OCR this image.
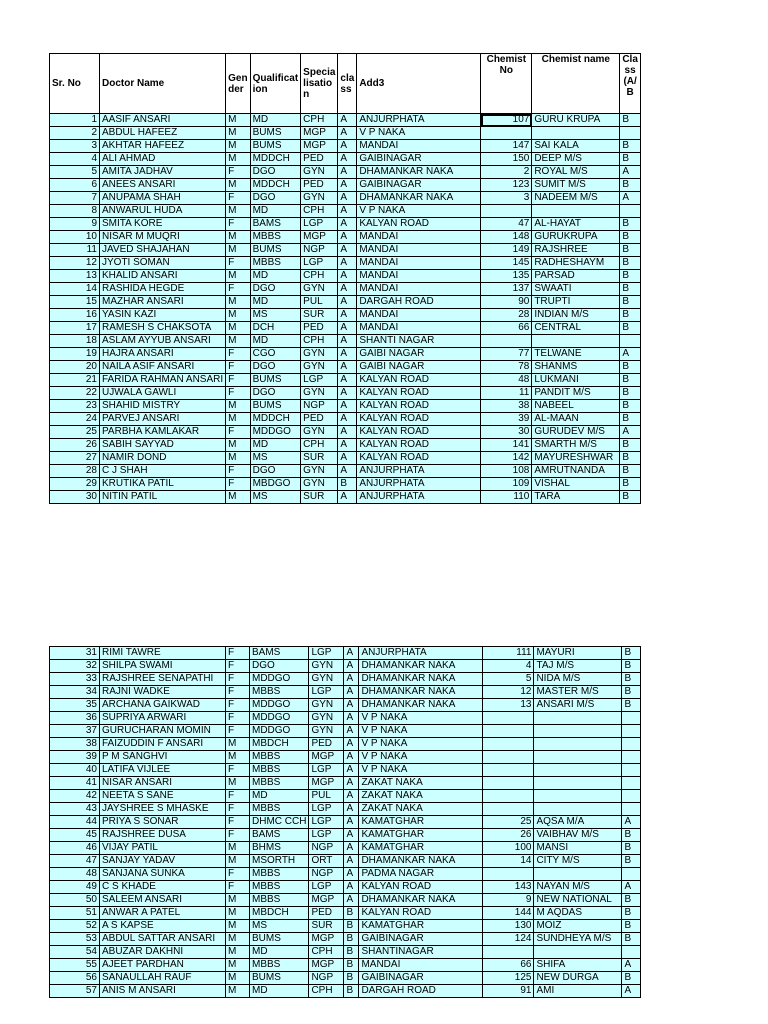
Sr. No	Doctor Name	Gen der	Qualificat ion	Specia lisatio n	cla ss	Add3	Chemist No	Chemist name	Cla ss (A/ B
1	AASIF ANSARI	M	MD	CPH	A	ANJURPHATA	107	GURU KRUPA	B
2	ABDUL HAFEEZ	M	BUMS	MGP	A	V P NAKA			
3	AKHTAR HAFEEZ	M	BUMS	MGP	A	MANDAI	147	SAI KALA	B
4	ALI AHMAD	M	MDDCH	PED	A	GAIBINAGAR	150	DEEP M/S	B
5	AMITA JADHAV	F	DGO	GYN	A	DHAMANKAR NAKA	2	ROYAL M/S	A
6	ANEES ANSARI	M	MDDCH	PED	A	GAIBINAGAR	123	SUMIT M/S	B
7	ANUPAMA SHAH	F	DGO	GYN	A	DHAMANKAR NAKA	3	NADEEM M/S	A
8	ANWARUL HUDA	M	MD	CPH	A	V P NAKA			
9	SMITA KORE	F	BAMS	LGP	A	KALYAN ROAD	47	AL-HAYAT	B
10	NISAR M MUQRI	M	MBBS	MGP	A	MANDAI	148	GURUKRUPA	B
11	JAVED SHAJAHAN	M	BUMS	NGP	A	MANDAI	149	RAJSHREE	B
12	JYOTI SOMAN	F	MBBS	LGP	A	MANDAI	145	RADHESHAYM	B
13	KHALID ANSARI	M	MD	CPH	A	MANDAI	135	PARSAD	B
14	RASHIDA HEGDE	F	DGO	GYN	A	MANDAI	137	SWAATI	B
15	MAZHAR ANSARI	M	MD	PUL	A	DARGAH ROAD	90	TRUPTI	B
16	YASIN KAZI	M	MS	SUR	A	MANDAI	28	INDIAN M/S	B
17	RAMESH S CHAKSOTA	M	DCH	PED	A	MANDAI	66	CENTRAL	B
18	ASLAM AYYUB ANSARI	M	MD	CPH	A	SHANTI NAGAR			
19	HAJRA ANSARI	F	CGO	GYN	A	GAIBI NAGAR	77	TELWANE	A
20	NAILA ASIF ANSARI	F	DGO	GYN	A	GAIBI NAGAR	78	SHANMS	B
21	FARIDA RAHMAN ANSARI	F	BUMS	LGP	A	KALYAN ROAD	48	LUKMANI	B
22	UJWALA GAWLI	F	DGO	GYN	A	KALYAN ROAD	11	PANDIT M/S	B
23	SHAHID MISTRY	M	BUMS	NGP	A	KALYAN ROAD	38	NABEEL	B
24	PARVEJ ANSARI	M	MDDCH	PED	A	KALYAN ROAD	39	AL-MAAN	B
25	PARBHA KAMLAKAR	F	MDDGO	GYN	A	KALYAN ROAD	30	GURUDEV M/S	A
26	SABIH SAYYAD	M	MD	CPH	A	KALYAN ROAD	141	SMARTH M/S	B
27	NAMIR DOND	M	MS	SUR	A	KALYAN ROAD	142	MAYURESHWAR	B
28	C J SHAH	F	DGO	GYN	A	ANJURPHATA	108	AMRUTNANDA	B
29	KRUTIKA PATIL	F	MBDGO	GYN	B	ANJURPHATA	109	VISHAL	B
30	NITIN PATIL	M	MS	SUR	A	ANJURPHATA	110	TARA	B
31	RIMI TAWRE	F	BAMS	LGP	A	ANJURPHATA	111	MAYURI	B
32	SHILPA SWAMI	F	DGO	GYN	A	DHAMANKAR NAKA	4	TAJ M/S	B
33	RAJSHREE SENAPATHI	F	MDDGO	GYN	A	DHAMANKAR NAKA	5	NIDA M/S	B
34	RAJNI WADKE	F	MBBS	LGP	A	DHAMANKAR NAKA	12	MASTER M/S	B
35	ARCHANA GAIKWAD	F	MDDGO	GYN	A	DHAMANKAR NAKA	13	ANSARI M/S	B
36	SUPRIYA ARWARI	F	MDDGO	GYN	A	V P NAKA			
37	GURUCHARAN MOMIN	F	MDDGO	GYN	A	V P NAKA			
38	FAIZUDDIN F ANSARI	M	MBDCH	PED	A	V P NAKA			
39	P M SANGHVI	M	MBBS	MGP	A	V P NAKA			
40	LATIFA VIJLEE	F	MBBS	LGP	A	V P NAKA			
41	NISAR ANSARI	M	MBBS	MGP	A	ZAKAT NAKA			
42	NEETA S SANE	F	MD	PUL	A	ZAKAT NAKA			
43	JAYSHREE S MHASKE	F	MBBS	LGP	A	ZAKAT NAKA			
44	PRIYA S SONAR	F	DHMC CCH	LGP	A	KAMATGHAR	25	AQSA M/A	A
45	RAJSHREE DUSA	F	BAMS	LGP	A	KAMATGHAR	26	VAIBHAV M/S	B
46	VIJAY PATIL	M	BHMS	NGP	A	KAMATGHAR	100	MANSI	B
47	SANJAY YADAV	M	MSORTH	ORT	A	DHAMANKAR NAKA	14	CITY M/S	B
48	SANJANA SUNKA	F	MBBS	NGP	A	PADMA NAGAR			
49	C S KHADE	F	MBBS	LGP	A	KALYAN ROAD	143	NAYAN M/S	A
50	SALEEM ANSARI	M	MBBS	MGP	A	DHAMANKAR NAKA	9	NEW NATIONAL	B
51	ANWAR A PATEL	M	MBDCH	PED	B	KALYAN ROAD	144	M AQDAS	B
52	A S KAPSE	M	MS	SUR	B	KAMATGHAR	130	MOIZ	B
53	ABDUL SATTAR ANSARI	M	BUMS	MGP	B	GAIBINAGAR	124	SUNDHEYA M/S	B
54	ABUZAR DAKHNI	M	MD	CPH	B	SHANTINAGAR			
55	AJEET PARDHAN	M	MBBS	MGP	B	MANDAI	66	SHIFA	A
56	SANAULLAH RAUF	M	BUMS	NGP	B	GAIBINAGAR	125	NEW DURGA	B
57	ANIS M ANSARI	M	MD	CPH	B	DARGAH ROAD	91	AMI	A
